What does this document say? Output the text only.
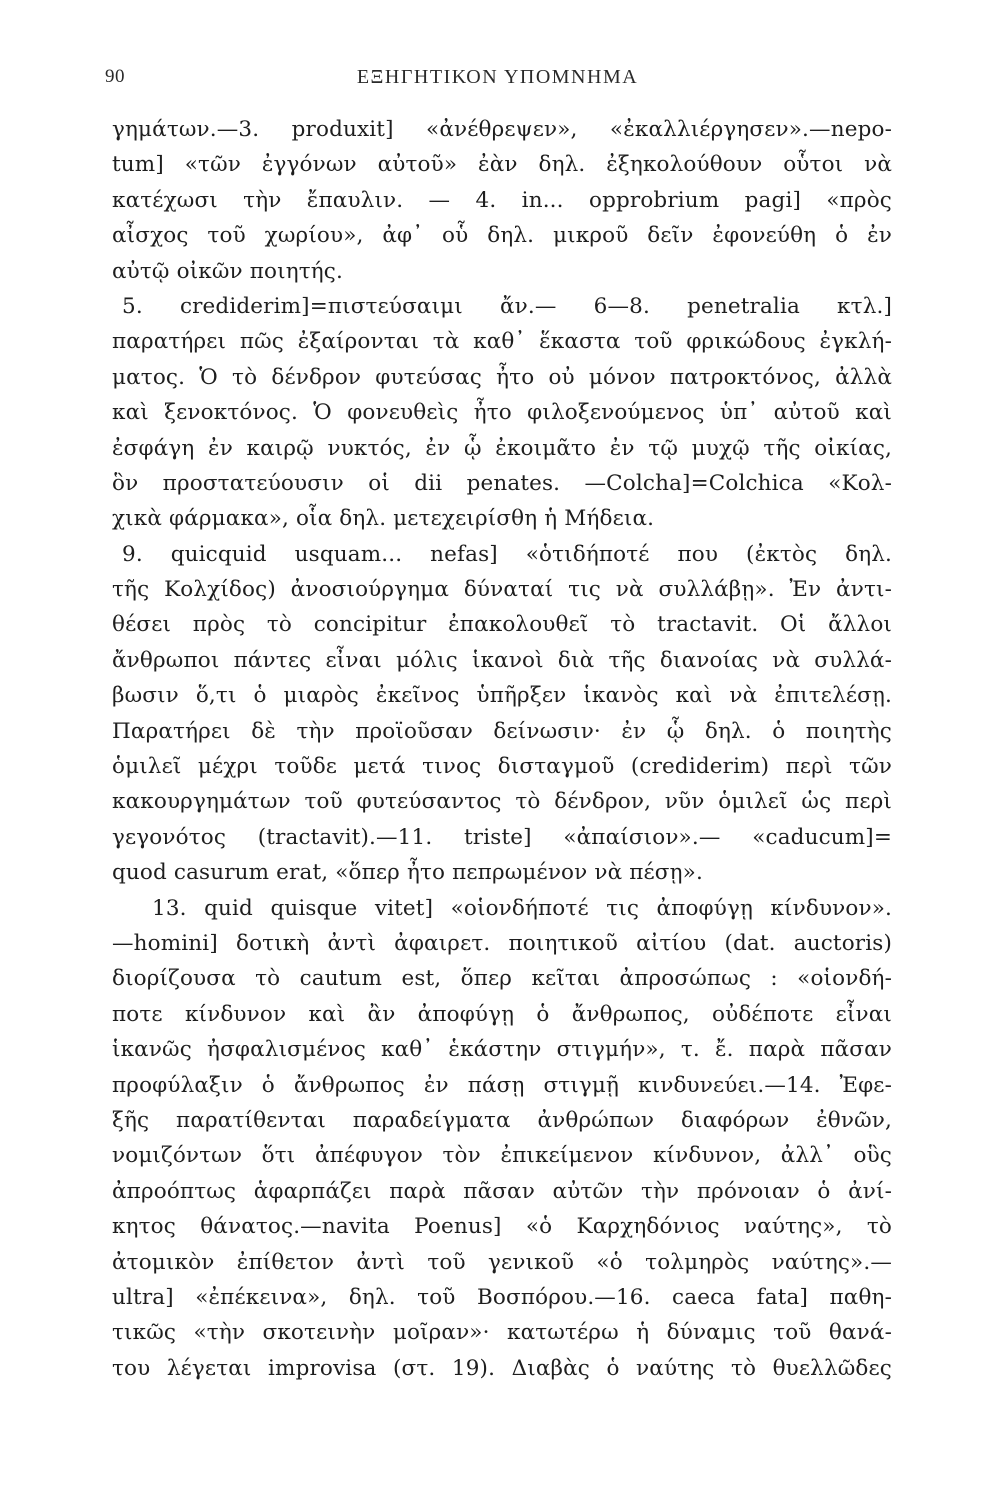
90	ΕΞΗΓΗΤΙΚΟΝ ΥΠΟΜΝΗΜΑ
γημάτων.—3. produxit] «ἀνέθρεψεν», «ἐκαλλιέργησεν».—nepo-
tum] «τῶν ἐγγόνων αὐτοῦ» ἐὰν δηλ. ἐξηκολούθουν οὗτοι νὰ
κατέχωσι τὴν ἔπαυλιν. — 4. in... opprobrium pagi] «πρὸς
αἶσχος τοῦ χωρίου», ἀφ᾽ οὗ δηλ. μικροῦ δεῖν ἐφονεύθη ὁ ἐν
αὐτῷ οἰκῶν ποιητής.
5. crediderim]=πιστεύσαιμι ἄν.— 6—8. penetralia κτλ.]
παρατήρει πῶς ἐξαίρονται τὰ καθ᾽ ἕκαστα τοῦ φρικώδους ἐγκλή-
ματος. Ὁ τὸ δένδρον φυτεύσας ἦτο οὐ μόνον πατροκτόνος, ἀλλὰ
καὶ ξενοκτόνος. Ὁ φονευθεὶς ἦτο φιλοξενούμενος ὑπ᾽ αὐτοῦ καὶ
ἐσφάγη ἐν καιρῷ νυκτός, ἐν ᾧ ἐκοιμᾶτο ἐν τῷ μυχῷ τῆς οἰκίας,
ὃν προστατεύουσιν οἱ dii penates. —Colcha]=Colchica «Κολ-
χικὰ φάρμακα», οἷα δηλ. μετεχειρίσθη ἡ Μήδεια.
9. quicquid usquam... nefas] «ὁτιδήποτέ που (ἐκτὸς δηλ.
τῆς Κολχίδος) ἀνοσιούργημα δύναταί τις νὰ συλλάβῃ». Ἐν ἀντι-
θέσει πρὸς τὸ concipitur ἐπακολουθεῖ τὸ tractavit. Οἱ ἄλλοι
ἄνθρωποι πάντες εἶναι μόλις ἱκανοὶ διὰ τῆς διανοίας νὰ συλλά-
βωσιν ὅ,τι ὁ μιαρὸς ἐκεῖνος ὑπῆρξεν ἱκανὸς καὶ νὰ ἐπιτελέσῃ.
Παρατήρει δὲ τὴν προϊοῦσαν δείνωσιν· ἐν ᾧ δηλ. ὁ ποιητὴς
ὁμιλεῖ μέχρι τοῦδε μετά τινος δισταγμοῦ (crediderim) περὶ τῶν
κακουργημάτων τοῦ φυτεύσαντος τὸ δένδρον, νῦν ὁμιλεῖ ὡς περὶ
γεγονότος (tractavit).—11. triste] «ἀπαίσιον».— «caducum]=
quod casurum erat, «ὅπερ ἦτο πεπρωμένον νὰ πέσῃ».
13. quid quisque vitet] «οἱονδήποτέ τις ἀποφύγῃ κίνδυνον».
—homini] δοτικὴ ἀντὶ ἀφαιρετ. ποιητικοῦ αἰτίου (dat. auctoris)
διορίζουσα τὸ cautum est, ὅπερ κεῖται ἀπροσώπως : «οἱονδή-
ποτε κίνδυνον καὶ ἂν ἀποφύγῃ ὁ ἄνθρωπος, οὐδέποτε εἶναι
ἱκανῶς ἠσφαλισμένος καθ᾽ ἑκάστην στιγμήν», τ. ἔ. παρὰ πᾶσαν
προφύλαξιν ὁ ἄνθρωπος ἐν πάσῃ στιγμῇ κινδυνεύει.—14. Ἐφε-
ξῆς παρατίθενται παραδείγματα ἀνθρώπων διαφόρων ἐθνῶν,
νομιζόντων ὅτι ἀπέφυγον τὸν ἐπικείμενον κίνδυνον, ἀλλ᾽ οὓς
ἀπροόπτως ἁφαρπάζει παρὰ πᾶσαν αὐτῶν τὴν πρόνοιαν ὁ ἀνί-
κητος θάνατος.—navita Poenus] «ὁ Καρχηδόνιος ναύτης», τὸ
ἀτομικὸν ἐπίθετον ἀντὶ τοῦ γενικοῦ «ὁ τολμηρὸς ναύτης».—
ultra] «ἐπέκεινα», δηλ. τοῦ Βοσπόρου.—16. caeca fata] παθη-
τικῶς «τὴν σκοτεινὴν μοῖραν»· κατωτέρω ἡ δύναμις τοῦ θανά-
του λέγεται improvisa (στ. 19). Διαβὰς ὁ ναύτης τὸ θυελλῶδες
